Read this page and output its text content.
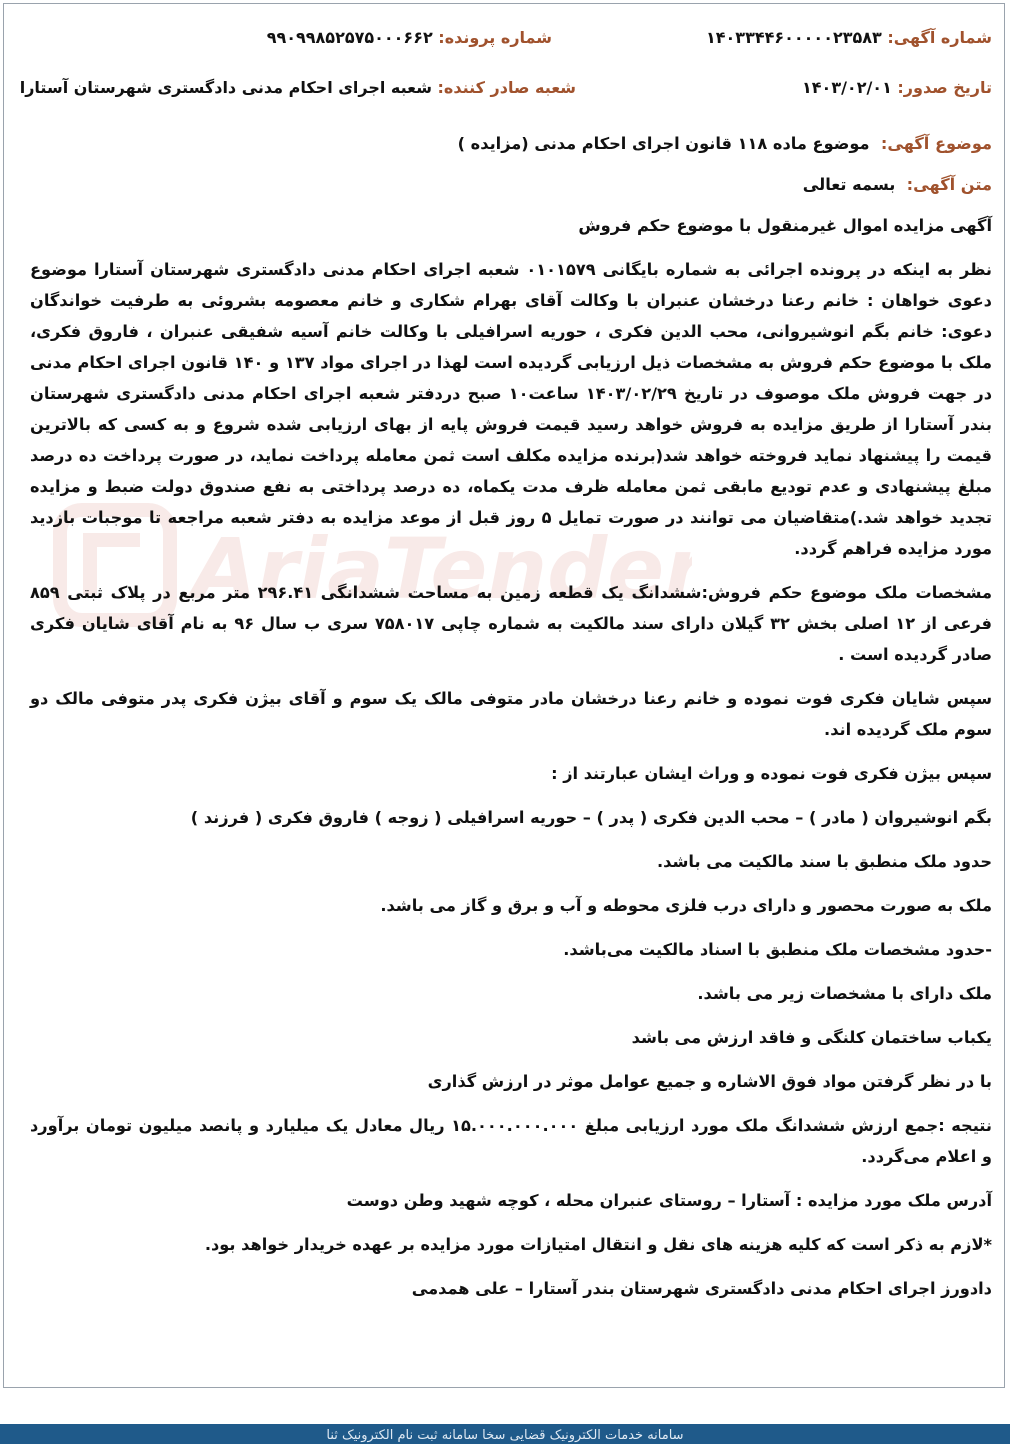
شماره آگهی: ۱۴۰۳۳۴۴۶۰۰۰۰۰۲۳۵۸۳
شماره پرونده: ۹۹۰۹۹۸۵۲۵۷۵۰۰۰۶۶۲
تاریخ صدور: ۱۴۰۳/۰۲/۰۱
شعبه صادر کننده: شعبه اجرای احکام مدنی دادگستری شهرستان آستارا
AriaTender

موضوع آگهی:  موضوع ماده ۱۱۸ قانون اجرای احکام مدنی (مزایده )

متن آگهی:  بسمه تعالی

آگهی مزایده اموال غیرمنقول با موضوع حکم فروش

نظر به اینکه در پرونده اجرائی به شماره بایگانی ۰۱۰۱۵۷۹ شعبه اجرای احکام مدنی دادگستری شهرستان آستارا موضوع دعوی خواهان : خانم رعنا درخشان عنبران با وکالت آقای بهرام شکاری و خانم معصومه بشروئی به طرفیت خواندگان دعوی: خانم بگم انوشیروانی، محب الدین فکری ، حوریه اسرافیلی با وکالت خانم آسیه شفیقی عنبران ، فاروق فکری، ملک با موضوع حکم فروش به مشخصات ذیل ارزیابی گردیده است لهذا در اجرای مواد ۱۳۷ و ۱۴۰ قانون اجرای احکام مدنی در جهت فروش ملک موصوف در تاریخ ۱۴۰۳/۰۲/۲۹ ساعت۱۰ صبح دردفتر شعبه اجرای احکام مدنی دادگستری شهرستان بندر آستارا از طریق مزایده به فروش خواهد رسید قیمت فروش پایه از بهای ارزیابی شده شروع و به کسی که بالاترین قیمت را پیشنهاد نماید فروخته خواهد شد(برنده مزایده مکلف است ثمن معامله پرداخت نماید، در صورت پرداخت ده درصد مبلغ پیشنهادی و عدم توديع مابقی ثمن معامله ظرف مدت یکماه، ده درصد پرداختی به نفع صندوق دولت ضبط و مزایده تجدید خواهد شد.)متقاضیان می توانند در صورت تمایل ۵ روز قبل از موعد مزایده به دفتر شعبه مراجعه تا موجبات بازدید مورد مزایده فراهم گردد.

مشخصات ملک موضوع حکم فروش:ششدانگ یک قطعه زمین به مساحت ششدانگی ۲۹۶.۴۱ متر مربع در پلاک ثبتی ۸۵۹ فرعی از ۱۲ اصلی بخش ۳۲ گیلان دارای سند مالکیت به شماره چاپی ۷۵۸۰۱۷ سری ب سال ۹۶ به نام آقای شایان فکری صادر گردیده است .

سپس شایان فکری فوت نموده و خانم رعنا درخشان مادر متوفی مالک یک سوم و آقای بیژن فکری پدر متوفی مالک دو سوم ملک گردیده اند.

سپس بیژن فکری فوت نموده و وراث ایشان عبارتند از :

بگم انوشیروان ( مادر ) – محب الدین فکری ( پدر ) – حوریه اسرافیلی ( زوجه ) فاروق فکری ( فرزند )

حدود ملک منطبق با سند مالکیت می باشد.

ملک به صورت محصور و دارای درب فلزی محوطه و آب و برق و گاز می باشد.

-حدود مشخصات ملک منطبق با اسناد مالکیت می‌باشد.

ملک دارای با مشخصات زیر می باشد.

یکباب ساختمان کلنگی و فاقد ارزش می باشد

با در نظر گرفتن مواد فوق الاشاره و جمیع عوامل موثر در ارزش گذاری

نتیجه :جمع ارزش ششدانگ ملک مورد ارزیابی مبلغ ۱۵.۰۰۰.۰۰۰.۰۰۰ ریال معادل یک میلیارد و پانصد میلیون تومان برآورد و اعلام می‌گردد.

آدرس ملک مورد مزایده : آستارا – روستای عنبران محله ، کوچه شهید وطن دوست

*لازم به ذکر است که کلیه هزینه های نقل و انتقال امتیازات مورد مزایده بر عهده خریدار خواهد بود.

دادورز اجرای احکام مدنی دادگستری شهرستان بندر آستارا – علی همدمی

سامانه خدمات الکترونیک قضایی سخا سامانه ثبت نام الکترونیک ثنا
